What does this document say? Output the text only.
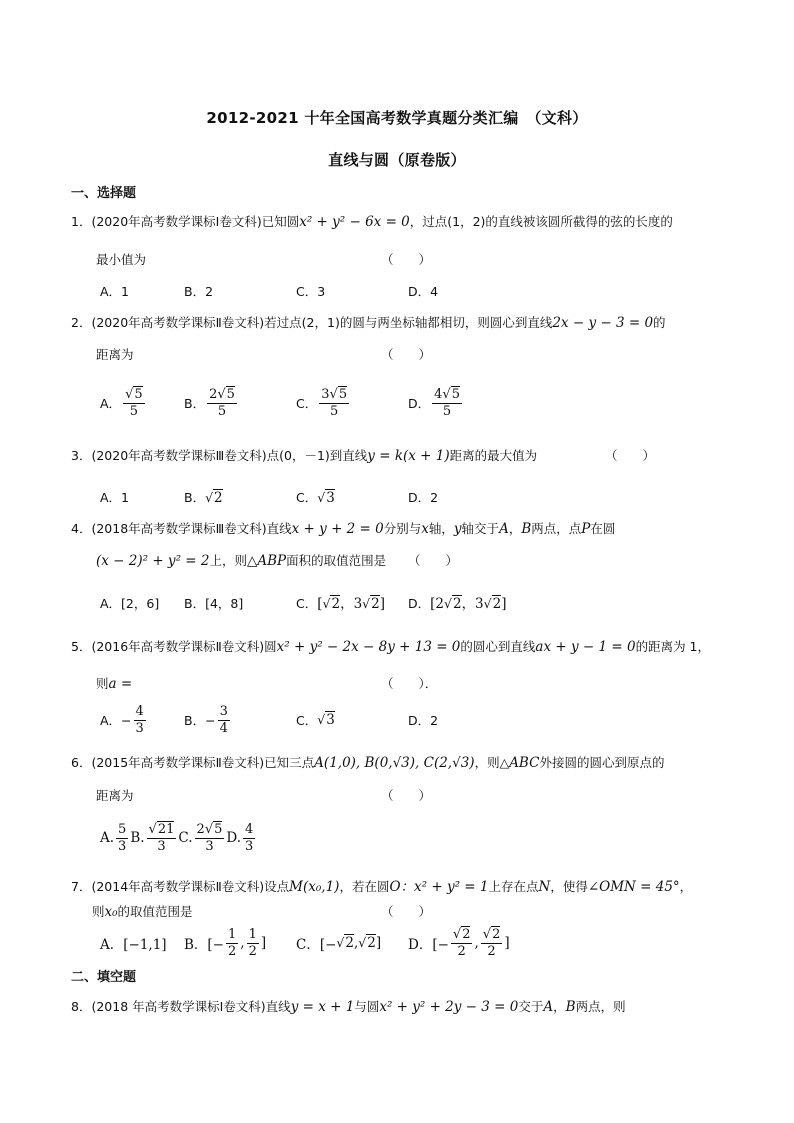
2012-2021 十年全国高考数学真题分类汇编　（文科）
直线与圆（原卷版）
一、选择题
1．(2020年高考数学课标Ⅰ卷文科)已知圆x² + y² − 6x = 0，过点(1，2)的直线被该圆所截得的弦的长度的
最小值为	（　　）
A．1	B．2	C．3	D．4
2．(2020年高考数学课标Ⅱ卷文科)若过点(2，1)的圆与两坐标轴都相切，则圆心到直线2x − y − 3 = 0的
距离为	（　　）
A． $\frac{√5}{5}$	B． $\frac{2√5}{5}$	C． $\frac{3√5}{5}$	D． $\frac{4√5}{5}$
3．(2020年高考数学课标Ⅲ卷文科)点(0，－1)到直线y = k(x + 1)距离的最大值为	（　　）
A．1	B．√2	C．√3	D．2
4．(2018年高考数学课标Ⅲ卷文科)直线x + y + 2 = 0分别与x轴，y轴交于A，B两点，点P在圆
(x − 2)² + y² = 2上，则△ABP面积的取值范围是 （　　）
A．[2，6] B．[4，8]	C．[√2，3√2] D．[2√2，3√2]
5．(2016年高考数学课标Ⅱ卷文科)圆x² + y² − 2x − 8y + 13 = 0的圆心到直线ax + y − 1 = 0的距离为 1，
则a =	（　　）．
A．− $\frac{4}{3}$	B．− $\frac{3}{4}$	C． √3	D．2
6．(2015年高考数学课标Ⅱ卷文科)已知三点A(1,0), B(0,√3), C(2,√3)，则△ABC外接圆的圆心到原点的
距离为	（　　）
A. $\frac{5}{3} B$. $\frac{√21}{3} C$. $\frac{2√5}{3} D$. $\frac{4}{3}$
7．(2014年高考数学课标Ⅱ卷文科)设点M(x₀,1)，若在圆O：x² + y² = 1上存在点N，使得∠OMN = 45°，
则x₀的取值范围是	（　　）
A．[−1,1] B．[− $\frac{1}{2}$ , $\frac{1}{2}$ ] C．[− √2 , √2 ] D．[− $\frac{√2}{2}$ , $\frac{√2}{2}$ ]
二、填空题
8．(2018 年高考数学课标Ⅰ卷文科)直线y = x + 1与圆x² + y² + 2y − 3 = 0交于A，B两点，则
